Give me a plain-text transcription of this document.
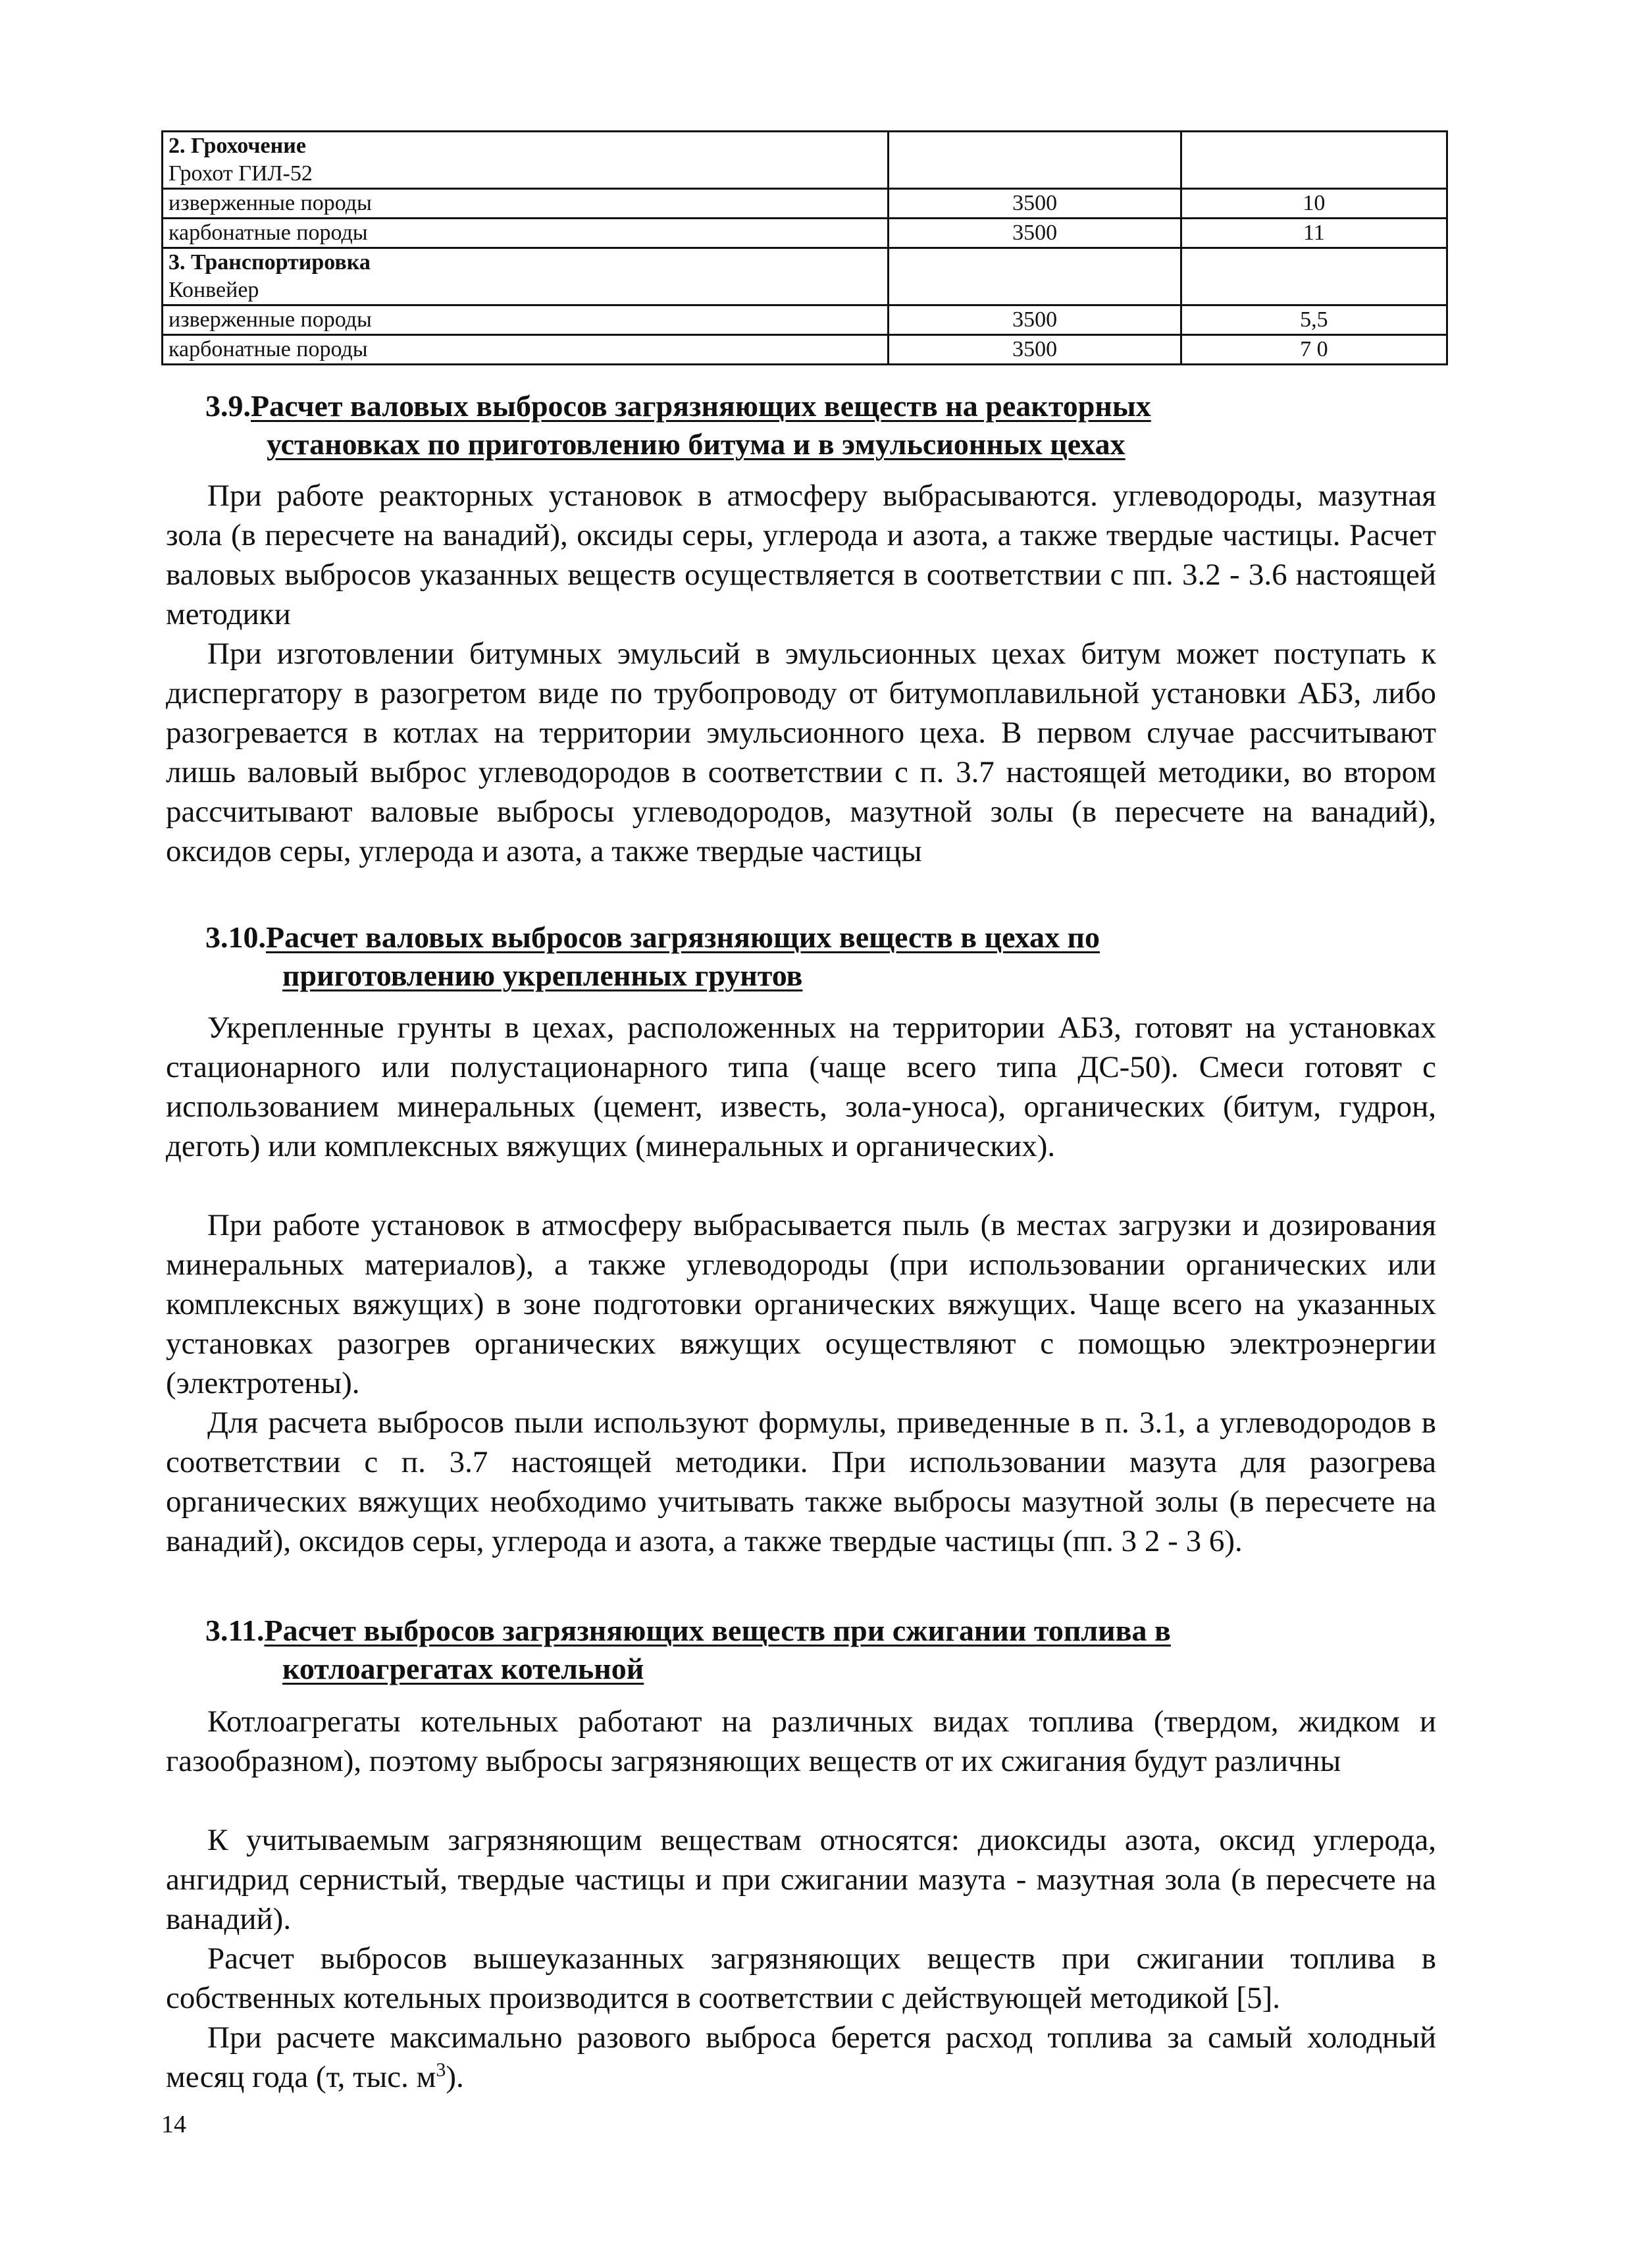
2. Грохочение
Грохот ГИЛ-52		

изверженные породы	3500	10

карбонатные породы	3500	11

3. Транспортировка
Конвейер		

изверженные породы	3500	5,5

карбонатные породы	3500	7 0
3.9.Расчет валовых выбросов загрязняющих веществ на реакторных
установках по приготовлению битума и в эмульсионных цехах

При работе реакторных установок в атмосферу выбрасываются. углеводороды, мазутная зола (в пересчете на ванадий), оксиды серы, углерода и азота, а также твердые частицы. Расчет валовых выбросов указанных веществ осуществляется в соответствии с пп. 3.2 - 3.6 настоящей методики

При изготовлении битумных эмульсий в эмульсионных цехах битум может поступать к диспергатору в разогретом виде по трубопроводу от битумоплавильной установки АБЗ, либо разогревается в котлах на территории эмульсионного цеха. В первом случае рассчитывают лишь валовый выброс углеводородов в соответствии с п. 3.7 настоящей методики, во втором рассчитывают валовые выбросы углеводородов, мазутной золы (в пересчете на ванадий), оксидов серы, углерода и азота, а также твердые частицы

3.10.Расчет валовых выбросов загрязняющих веществ в цехах по
приготовлению укрепленных грунтов

Укрепленные грунты в цехах, расположенных на территории АБЗ, готовят на установках стационарного или полустационарного типа (чаще всего типа ДС-50). Смеси готовят с использованием минеральных (цемент, известь, зола-уноса), органических (битум, гудрон, деготь) или комплексных вяжущих (минеральных и органических).

При работе установок в атмосферу выбрасывается пыль (в местах загрузки и дозирования минеральных материалов), а также углеводороды (при использовании органических или комплексных вяжущих) в зоне подготовки органических вяжущих. Чаще всего на указанных установках разогрев органических вяжущих осуществляют с помощью электроэнергии (электротены).

Для расчета выбросов пыли используют формулы, приведенные в п. 3.1, а углеводородов в соответствии с п. 3.7 настоящей методики. При использовании мазута для разогрева органических вяжущих необходимо учитывать также выбросы мазутной золы (в пересчете на ванадий), оксидов серы, углерода и азота, а также твердые частицы (пп. 3 2 - 3 6).

3.11.Расчет выбросов загрязняющих веществ при сжигании топлива в
котлоагрегатах котельной

Котлоагрегаты котельных работают на различных видах топлива (твердом, жидком и газообразном), поэтому выбросы загрязняющих веществ от их сжигания будут различны

К учитываемым загрязняющим веществам относятся: диоксиды азота, оксид углерода, ангидрид сернистый, твердые частицы и при сжигании мазута - мазутная зола (в пересчете на ванадий).

Расчет выбросов вышеуказанных загрязняющих веществ при сжигании топлива в собственных котельных производится в соответствии с действующей методикой [5].

При расчете максимально разового выброса берется расход топлива за самый холодный месяц года (т, тыс. $м^3$).

14
